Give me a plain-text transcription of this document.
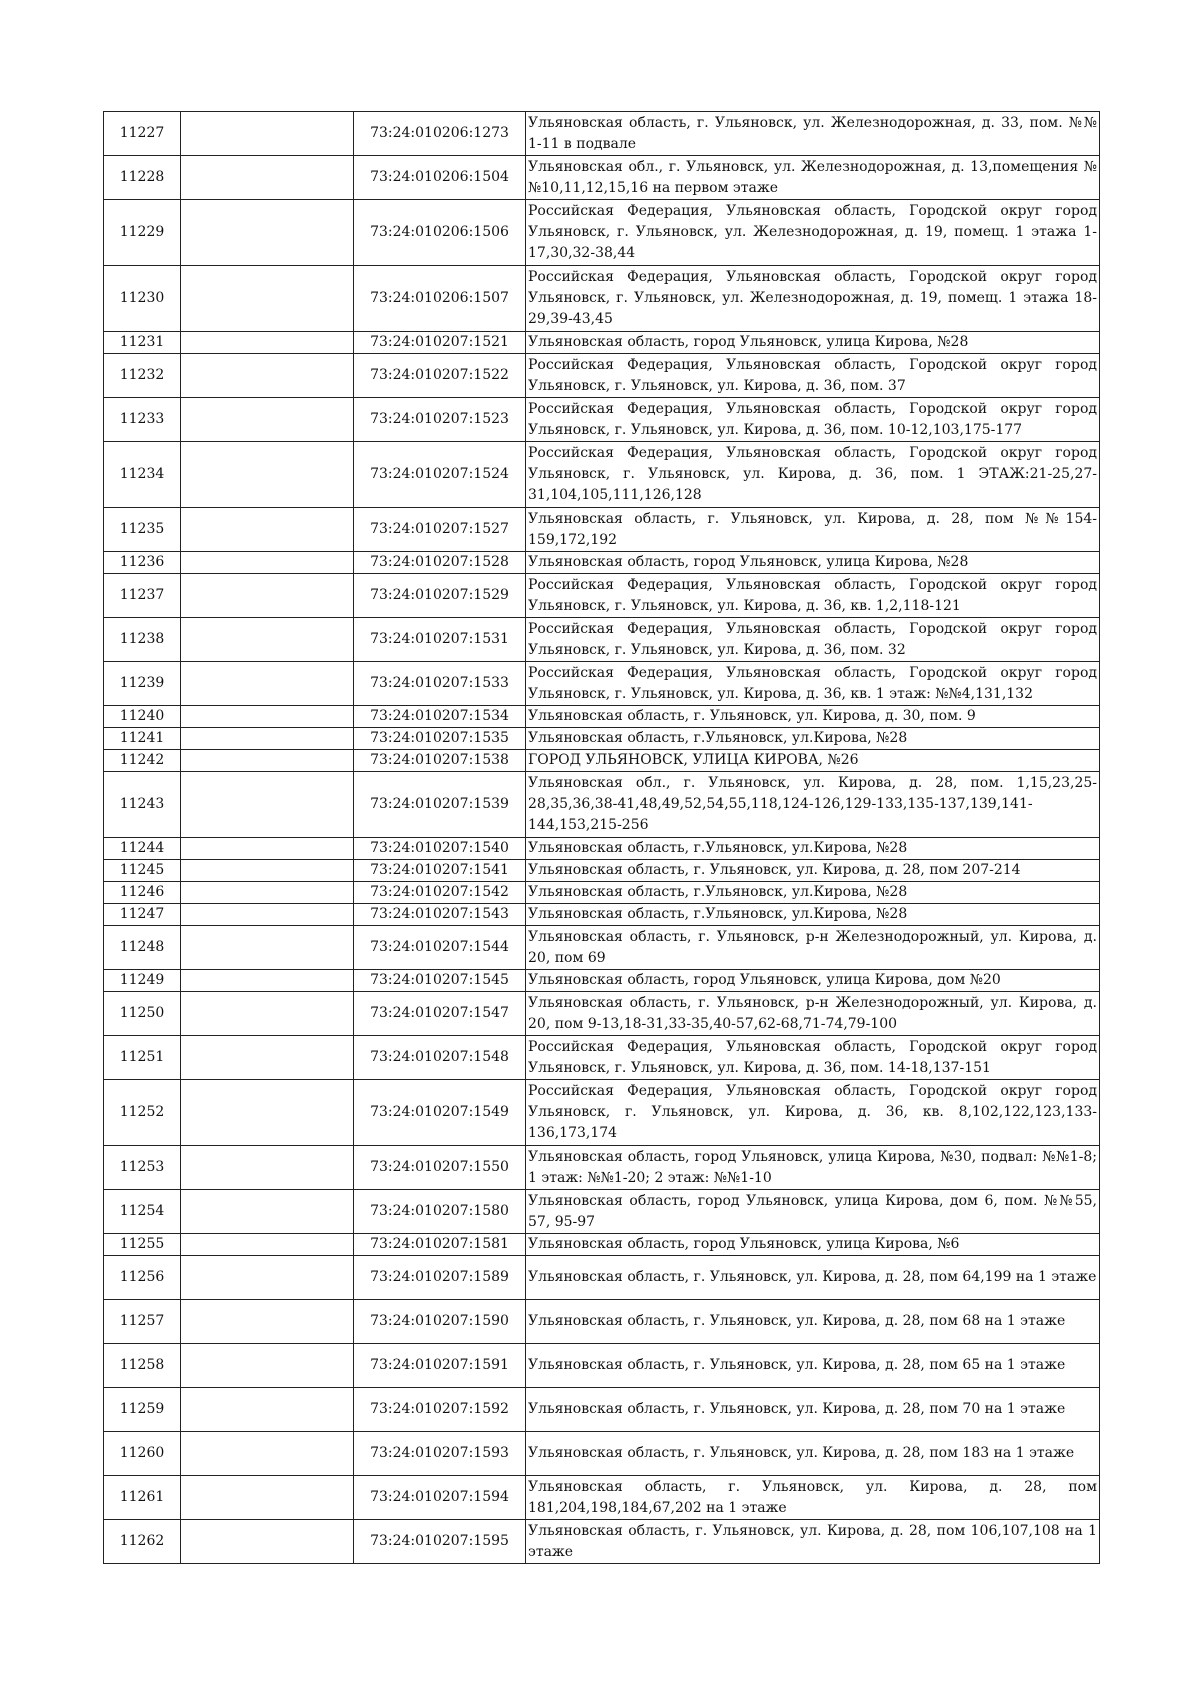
11227		73:24:010206:1273	Ульяновская область, г. Ульяновск, ул. Железнодорожная, д. 33, пом. №№ 1-11 в подвале
11228		73:24:010206:1504	Ульяновская обл., г. Ульяновск, ул. Железнодорожная, д. 13,помещения №№10,11,12,15,16 на первом этаже
11229		73:24:010206:1506	Российская Федерация, Ульяновская область, Городской округ город Ульяновск, г. Ульяновск, ул. Железнодорожная, д. 19, помещ. 1 этажа 1-17,30,32-38,44
11230		73:24:010206:1507	Российская Федерация, Ульяновская область, Городской округ город Ульяновск, г. Ульяновск, ул. Железнодорожная, д. 19, помещ. 1 этажа 18-29,39-43,45
11231		73:24:010207:1521	Ульяновская область, город Ульяновск, улица Кирова, №28
11232		73:24:010207:1522	Российская Федерация, Ульяновская область, Городской округ город Ульяновск, г. Ульяновск, ул. Кирова, д. 36, пом. 37
11233		73:24:010207:1523	Российская Федерация, Ульяновская область, Городской округ город Ульяновск, г. Ульяновск, ул. Кирова, д. 36, пом. 10-12,103,175-177
11234		73:24:010207:1524	Российская Федерация, Ульяновская область, Городской округ город Ульяновск, г. Ульяновск, ул. Кирова, д. 36, пом. 1 ЭТАЖ:21-25,27-31,104,105,111,126,128
11235		73:24:010207:1527	Ульяновская область, г. Ульяновск, ул. Кирова, д. 28, пом №№154-159,172,192
11236		73:24:010207:1528	Ульяновская область, город Ульяновск, улица Кирова, №28
11237		73:24:010207:1529	Российская Федерация, Ульяновская область, Городской округ город Ульяновск, г. Ульяновск, ул. Кирова, д. 36, кв. 1,2,118-121
11238		73:24:010207:1531	Российская Федерация, Ульяновская область, Городской округ город Ульяновск, г. Ульяновск, ул. Кирова, д. 36, пом. 32
11239		73:24:010207:1533	Российская Федерация, Ульяновская область, Городской округ город Ульяновск, г. Ульяновск, ул. Кирова, д. 36, кв. 1 этаж: №№4,131,132
11240		73:24:010207:1534	Ульяновская область, г. Ульяновск, ул. Кирова, д. 30, пом. 9
11241		73:24:010207:1535	Ульяновская область, г.Ульяновск, ул.Кирова, №28
11242		73:24:010207:1538	ГОРОД УЛЬЯНОВСК, УЛИЦА КИРОВА, №26
11243		73:24:010207:1539	Ульяновская обл., г. Ульяновск, ул. Кирова, д. 28, пом. 1,15,23,25-28,35,36,38-41,48,49,52,54,55,118,124-126,129-133,135-137,139,141-144,153,215-256
11244		73:24:010207:1540	Ульяновская область, г.Ульяновск, ул.Кирова, №28
11245		73:24:010207:1541	Ульяновская область, г. Ульяновск, ул. Кирова, д. 28, пом 207-214
11246		73:24:010207:1542	Ульяновская область, г.Ульяновск, ул.Кирова, №28
11247		73:24:010207:1543	Ульяновская область, г.Ульяновск, ул.Кирова, №28
11248		73:24:010207:1544	Ульяновская область, г. Ульяновск, р-н Железнодорожный, ул. Кирова, д. 20, пом 69
11249		73:24:010207:1545	Ульяновская область, город Ульяновск, улица Кирова, дом №20
11250		73:24:010207:1547	Ульяновская область, г. Ульяновск, р-н Железнодорожный, ул. Кирова, д. 20, пом 9-13,18-31,33-35,40-57,62-68,71-74,79-100
11251		73:24:010207:1548	Российская Федерация, Ульяновская область, Городской округ город Ульяновск, г. Ульяновск, ул. Кирова, д. 36, пом. 14-18,137-151
11252		73:24:010207:1549	Российская Федерация, Ульяновская область, Городской округ город Ульяновск, г. Ульяновск, ул. Кирова, д. 36, кв. 8,102,122,123,133-136,173,174
11253		73:24:010207:1550	Ульяновская область, город Ульяновск, улица Кирова, №30, подвал: №№1-8; 1 этаж: №№1-20; 2 этаж: №№1-10
11254		73:24:010207:1580	Ульяновская область, город Ульяновск, улица Кирова, дом 6, пом. №№55, 57, 95-97
11255		73:24:010207:1581	Ульяновская область, город Ульяновск, улица Кирова, №6
11256		73:24:010207:1589	Ульяновская область, г. Ульяновск, ул. Кирова, д. 28, пом 64,199 на 1 этаже
11257		73:24:010207:1590	Ульяновская область, г. Ульяновск, ул. Кирова, д. 28, пом 68 на 1 этаже
11258		73:24:010207:1591	Ульяновская область, г. Ульяновск, ул. Кирова, д. 28, пом 65 на 1 этаже
11259		73:24:010207:1592	Ульяновская область, г. Ульяновск, ул. Кирова, д. 28, пом 70 на 1 этаже
11260		73:24:010207:1593	Ульяновская область, г. Ульяновск, ул. Кирова, д. 28, пом 183 на 1 этаже
11261		73:24:010207:1594	Ульяновская область, г. Ульяновск, ул. Кирова, д. 28, пом 181,204,198,184,67,202 на 1 этаже
11262		73:24:010207:1595	Ульяновская область, г. Ульяновск, ул. Кирова, д. 28, пом 106,107,108 на 1 этаже
